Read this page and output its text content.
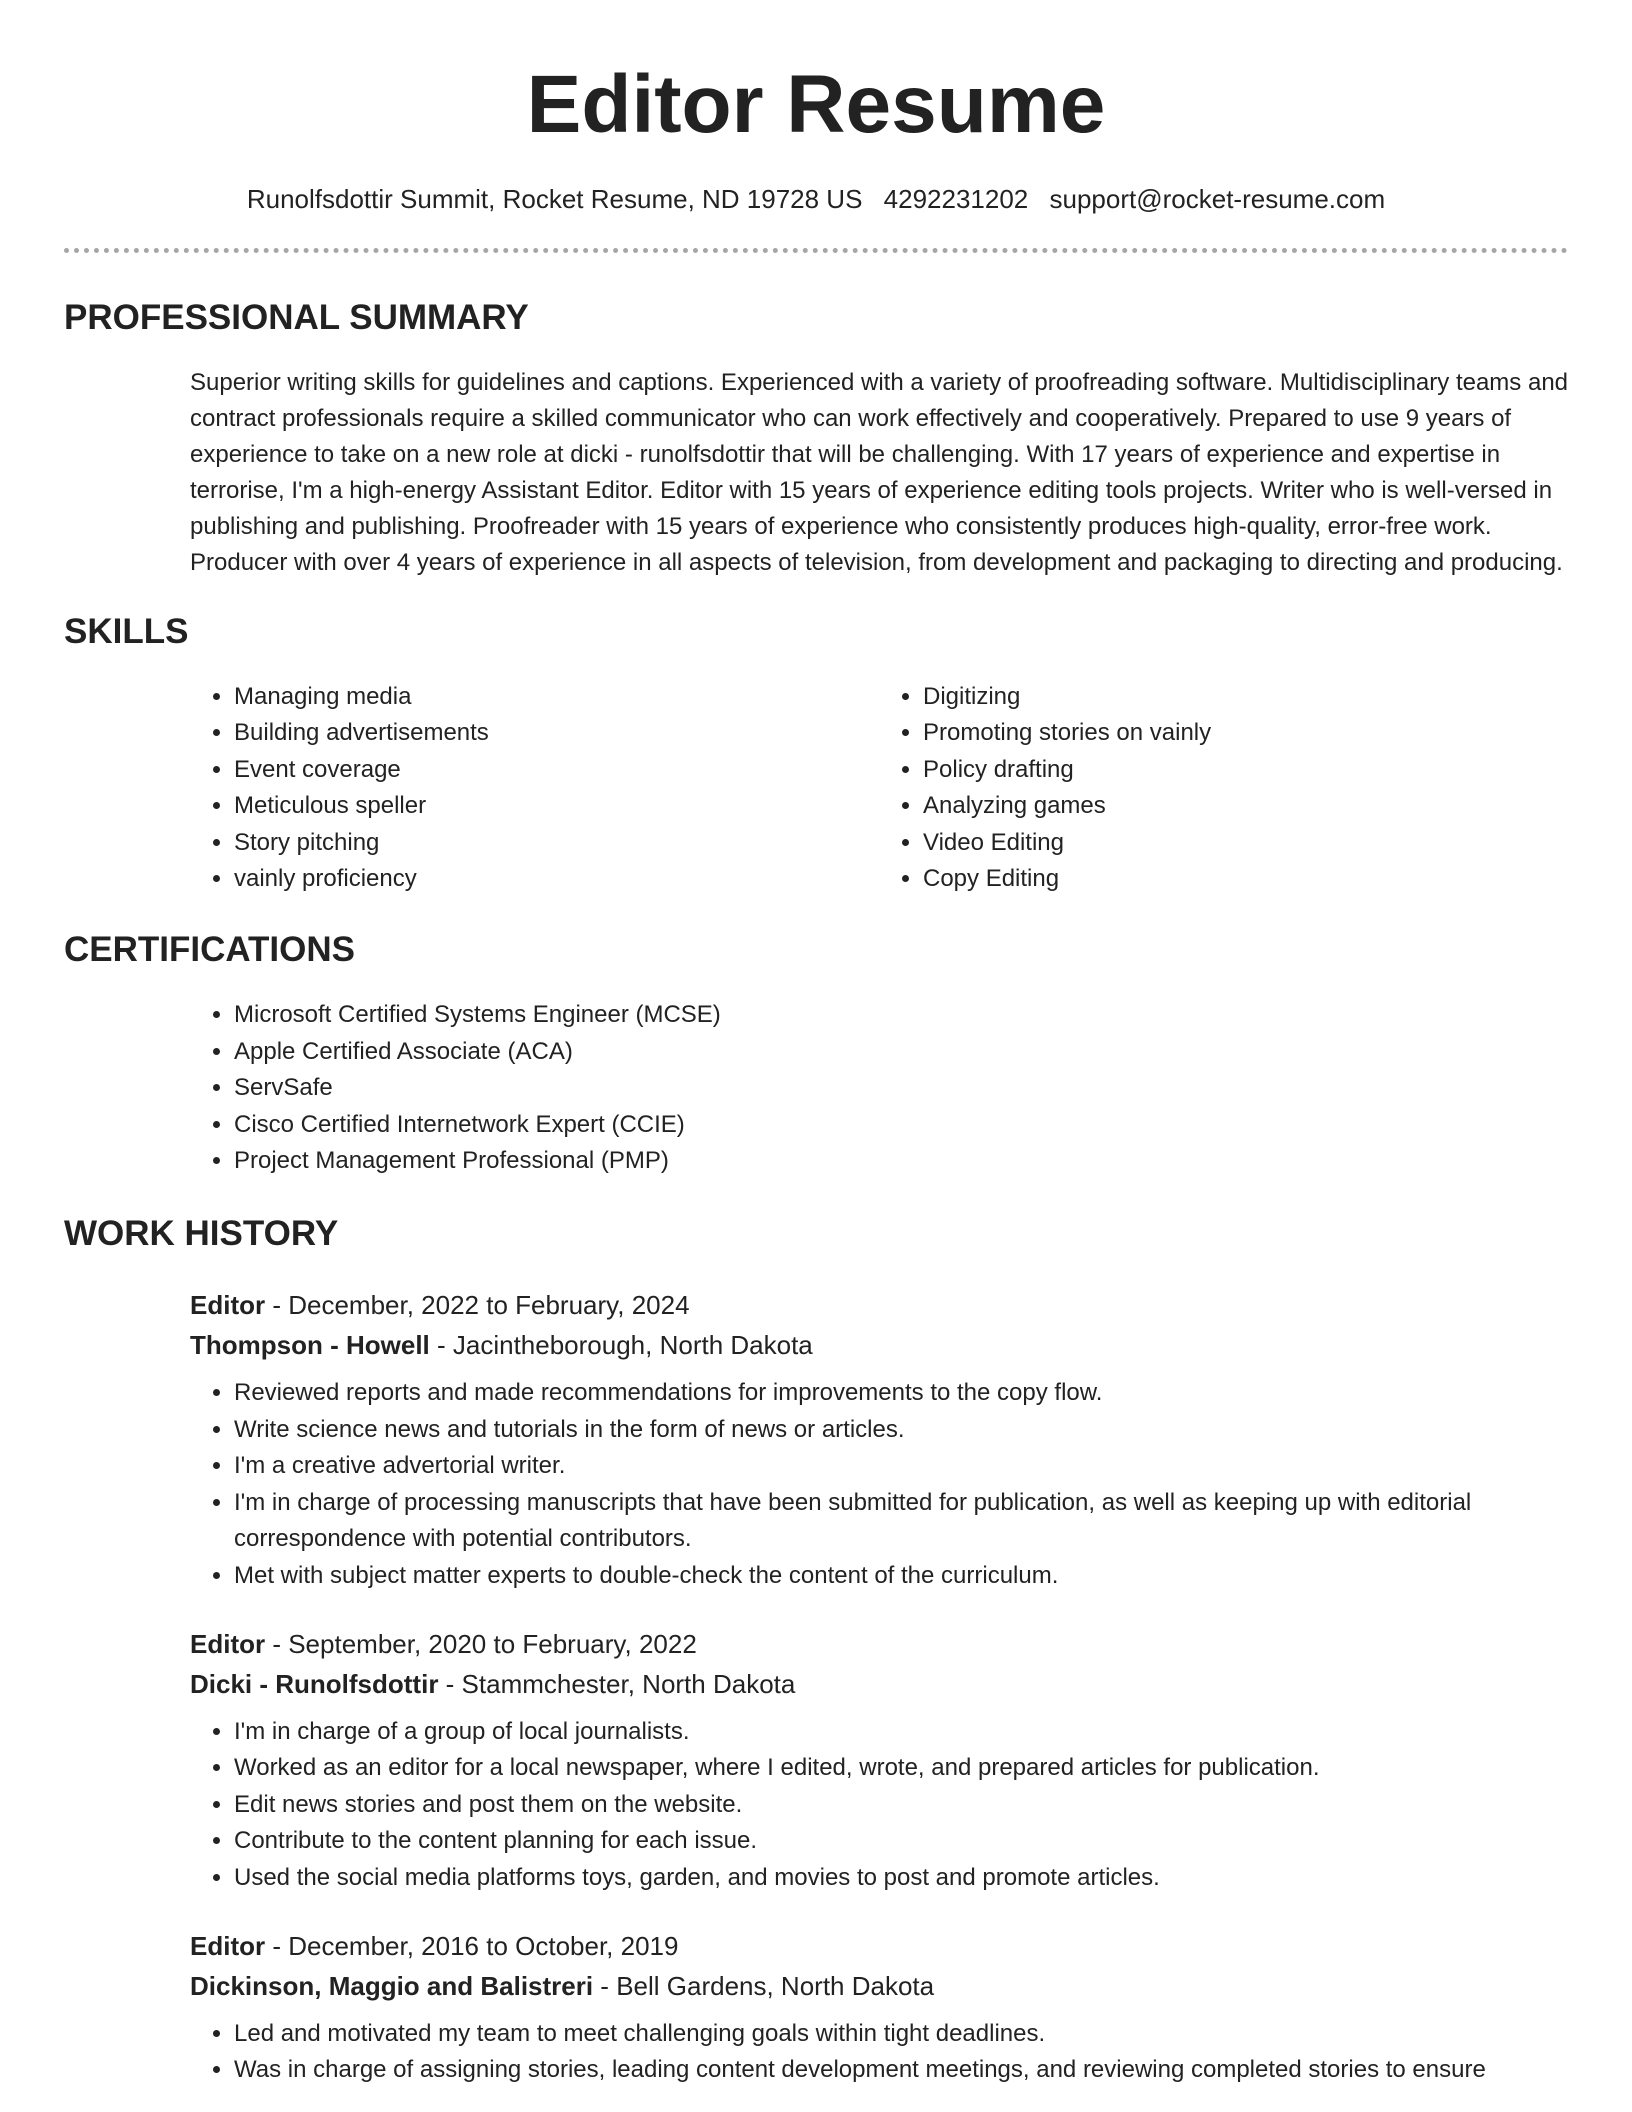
Editor Resume
Runolfsdottir Summit, Rocket Resume, ND 19728 US 4292231202 support@rocket-resume.com
PROFESSIONAL SUMMARY

Superior writing skills for guidelines and captions. Experienced with a variety of proofreading software. Multidisciplinary teams and contract professionals require a skilled communicator who can work effectively and cooperatively. Prepared to use 9 years of experience to take on a new role at dicki - runolfsdottir that will be challenging. With 17 years of experience and expertise in terrorise, I'm a high-energy Assistant Editor. Editor with 15 years of experience editing tools projects. Writer who is well-versed in publishing and publishing. Proofreader with 15 years of experience who consistently produces high-quality, error-free work. Producer with over 4 years of experience in all aspects of television, from development and packaging to directing and producing.

SKILLS
• Managing media
• Building advertisements
• Event coverage
• Meticulous speller
• Story pitching
• vainly proficiency
• Digitizing
• Promoting stories on vainly
• Policy drafting
• Analyzing games
• Video Editing
• Copy Editing
CERTIFICATIONS
• Microsoft Certified Systems Engineer (MCSE)
• Apple Certified Associate (ACA)
• ServSafe
• Cisco Certified Internetwork Expert (CCIE)
• Project Management Professional (PMP)
WORK HISTORY
Editor - December, 2022 to February, 2024
Thompson - Howell - Jacintheborough, North Dakota
• Reviewed reports and made recommendations for improvements to the copy flow.
• Write science news and tutorials in the form of news or articles.
• I'm a creative advertorial writer.
• I'm in charge of processing manuscripts that have been submitted for publication, as well as keeping up with editorial correspondence with potential contributors.
• Met with subject matter experts to double-check the content of the curriculum.
Editor - September, 2020 to February, 2022
Dicki - Runolfsdottir - Stammchester, North Dakota
• I'm in charge of a group of local journalists.
• Worked as an editor for a local newspaper, where I edited, wrote, and prepared articles for publication.
• Edit news stories and post them on the website.
• Contribute to the content planning for each issue.
• Used the social media platforms toys, garden, and movies to post and promote articles.
Editor - December, 2016 to October, 2019
Dickinson, Maggio and Balistreri - Bell Gardens, North Dakota
• Led and motivated my team to meet challenging goals within tight deadlines.
• Was in charge of assigning stories, leading content development meetings, and reviewing completed stories to ensure
